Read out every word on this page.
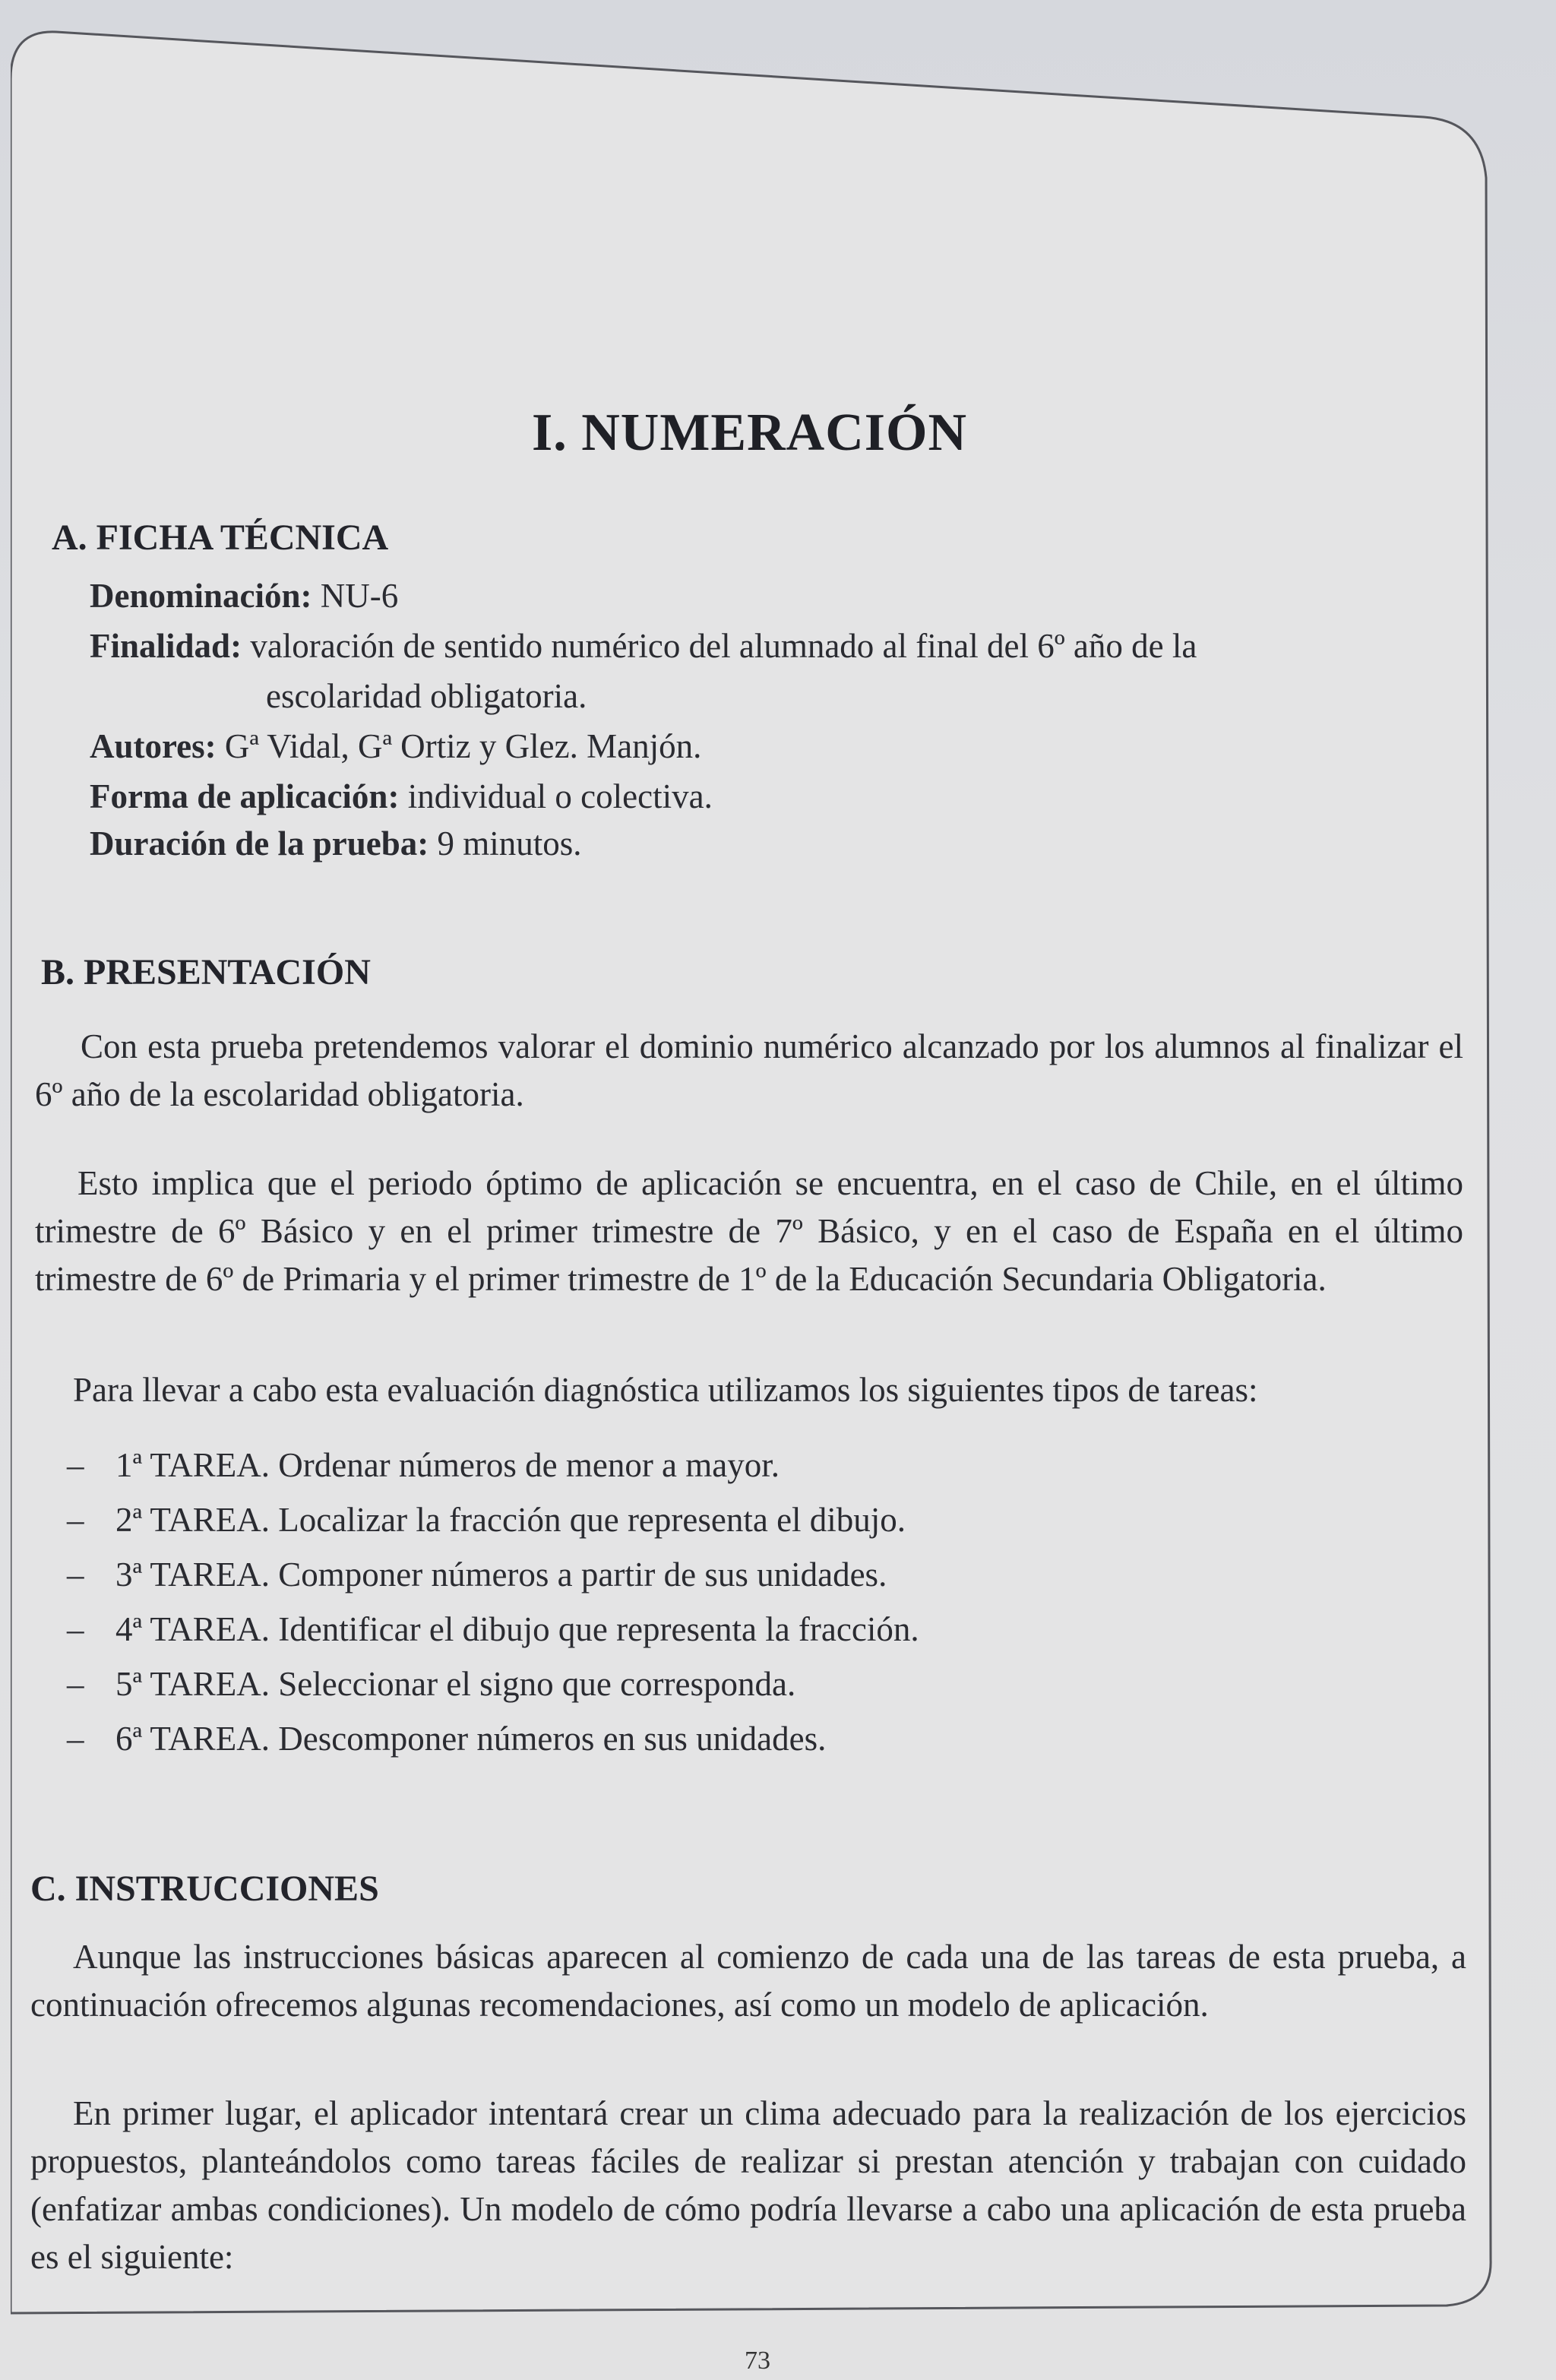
I. NUMERACIÓN
A. FICHA TÉCNICA
Denominación: NU-6
Finalidad: valoración de sentido numérico del alumnado al final del 6º año de la
escolaridad obligatoria.
Autores: Gª Vidal, Gª Ortiz y Glez. Manjón.
Forma de aplicación: individual o colectiva.
Duración de la prueba: 9 minutos.
B. PRESENTACIÓN
Con esta prueba pretendemos valorar el dominio numérico alcanzado por los alumnos al finalizar el 6º año de la escolaridad obligatoria.
Esto implica que el periodo óptimo de aplicación se encuentra, en el caso de Chile, en el último trimestre de 6º Básico y en el primer trimestre de 7º Básico, y en el caso de España en el último trimestre de 6º de Primaria y el primer trimestre de 1º de la Educación Secundaria Obligatoria.
Para llevar a cabo esta evaluación diagnóstica utilizamos los siguientes tipos de tareas:
– 1ª TAREA. Ordenar números de menor a mayor.
– 2ª TAREA. Localizar la fracción que representa el dibujo.
– 3ª TAREA. Componer números a partir de sus unidades.
– 4ª TAREA. Identificar el dibujo que representa la fracción.
– 5ª TAREA. Seleccionar el signo que corresponda.
– 6ª TAREA. Descomponer números en sus unidades.
C. INSTRUCCIONES
Aunque las instrucciones básicas aparecen al comienzo de cada una de las tareas de esta prueba, a continuación ofrecemos algunas recomendaciones, así como un modelo de aplicación.
En primer lugar, el aplicador intentará crear un clima adecuado para la realización de los ejercicios propuestos, planteándolos como tareas fáciles de realizar si prestan atención y trabajan con cuidado (enfatizar ambas condiciones). Un modelo de cómo podría llevarse a cabo una aplicación de esta prueba es el siguiente:
73
